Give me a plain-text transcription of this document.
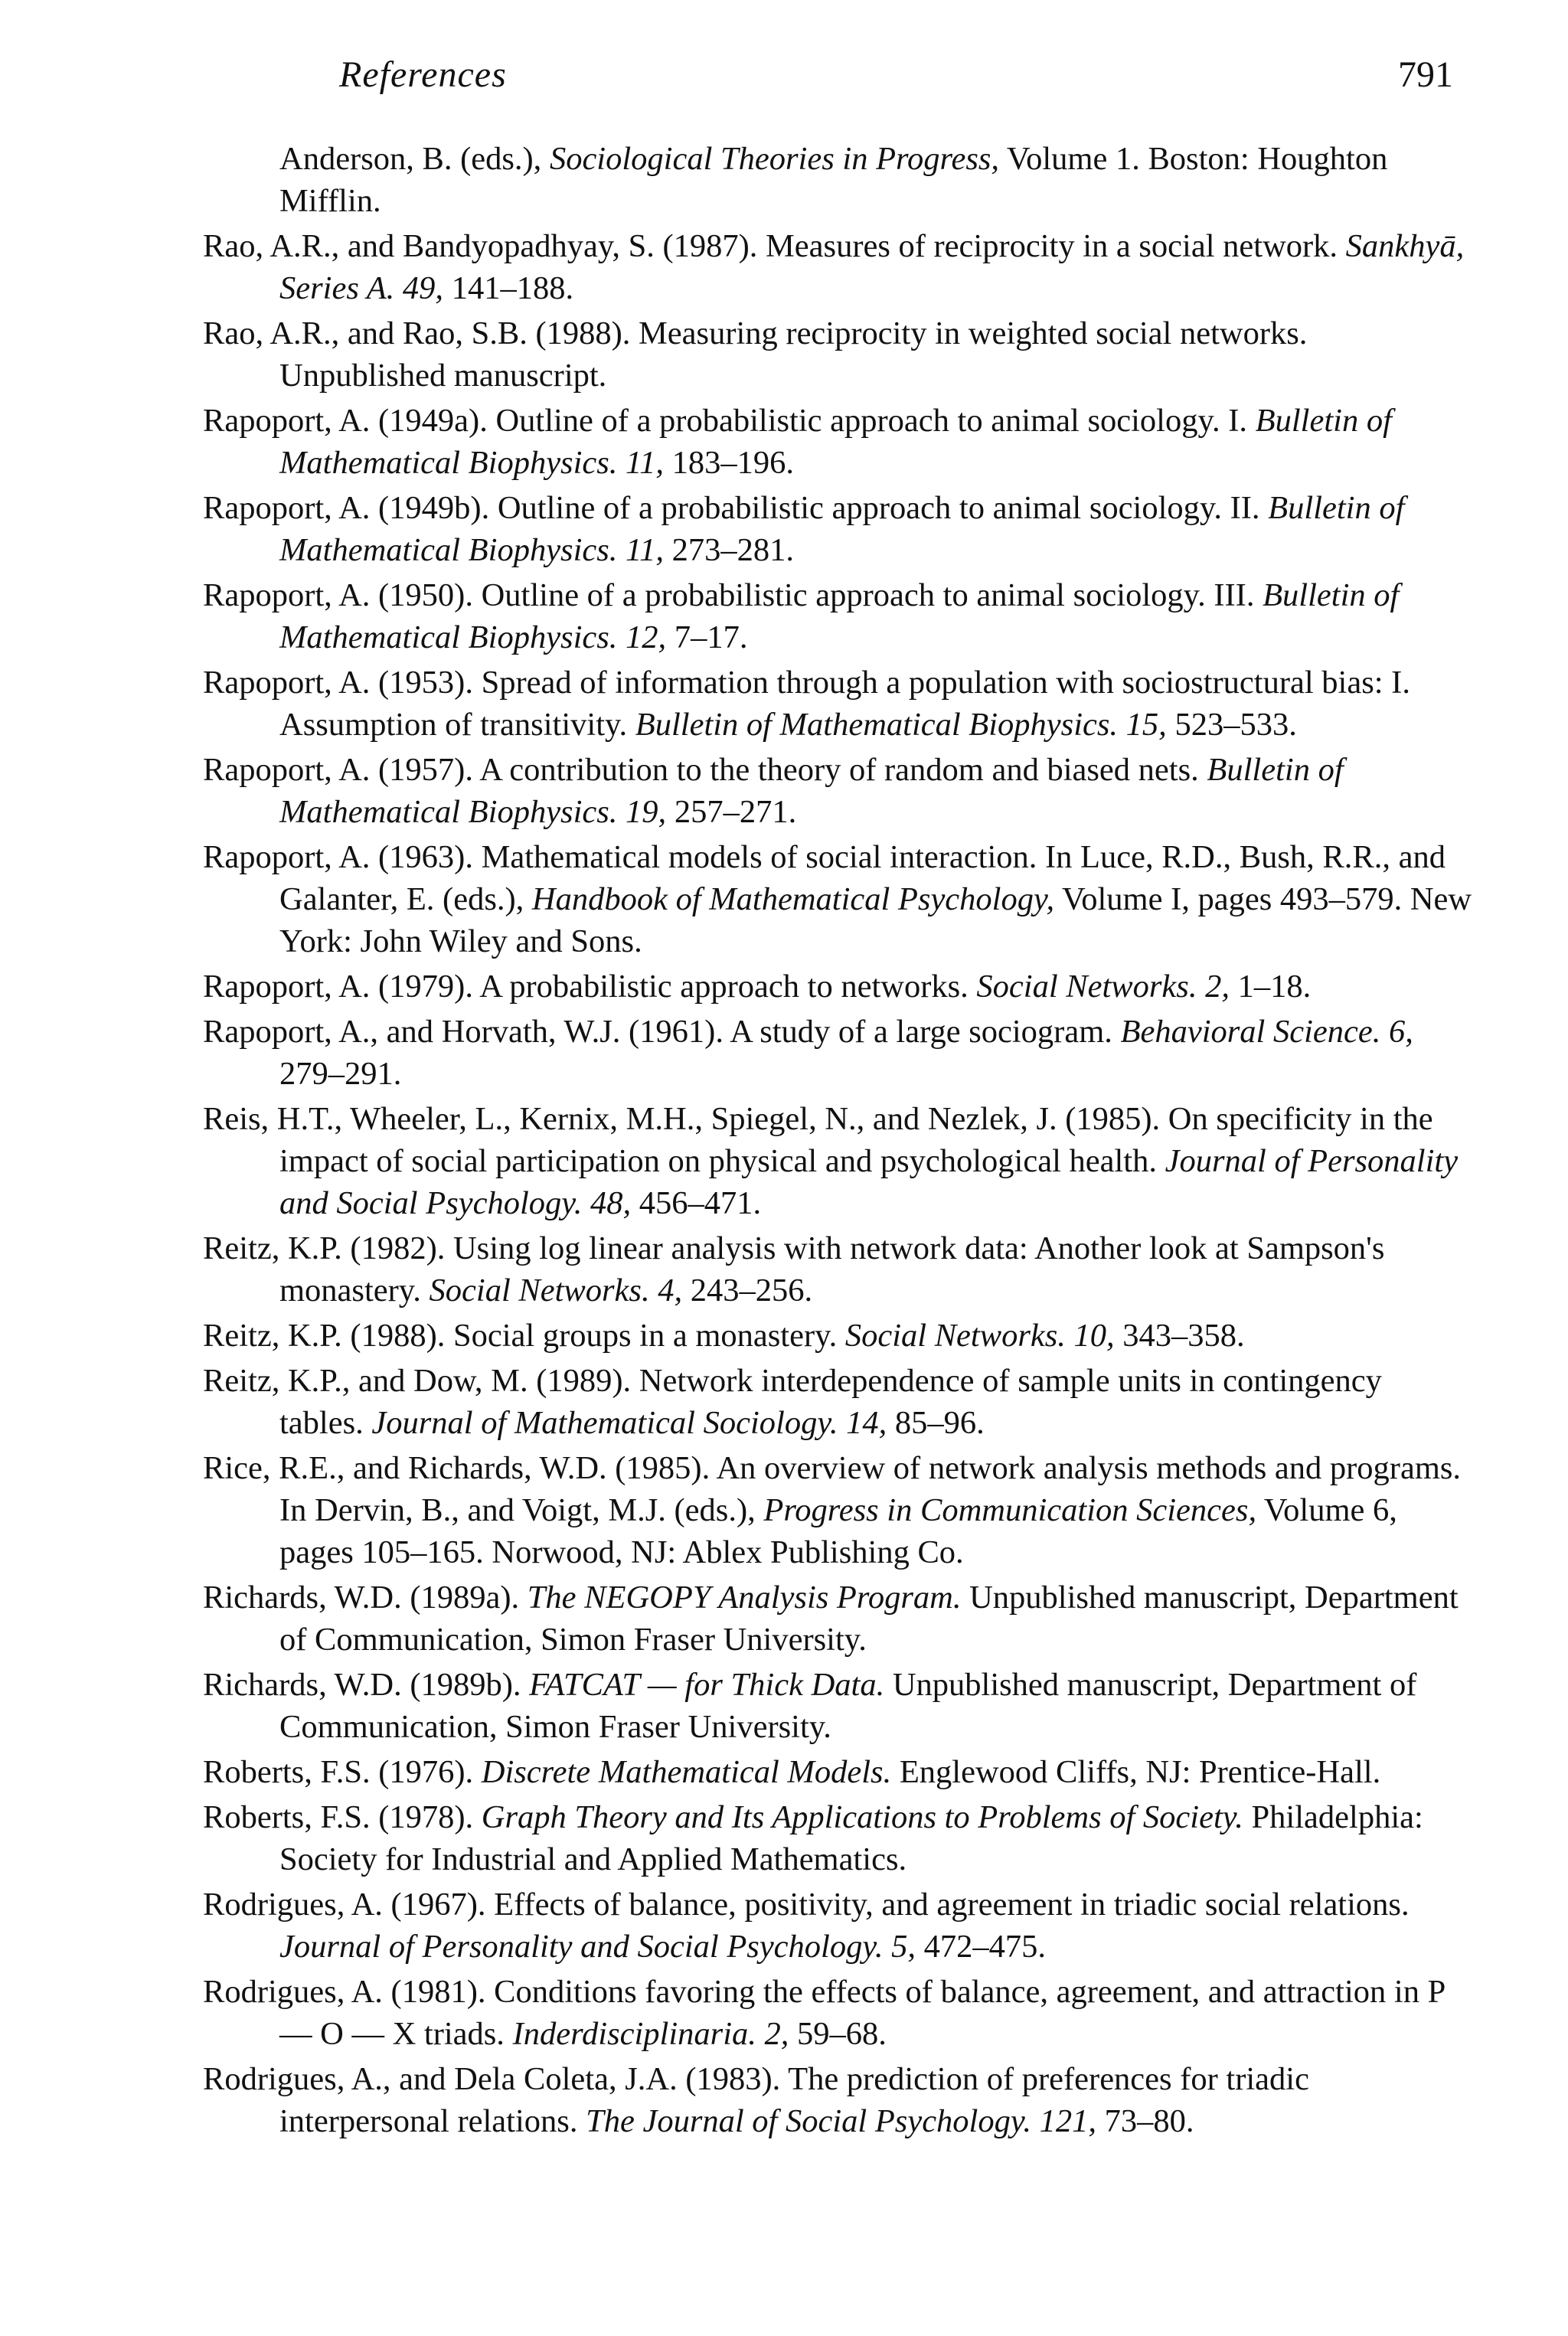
References	791

Anderson, B. (eds.), Sociological Theories in Progress, Volume 1. Boston: Houghton Mifflin.

Rao, A.R., and Bandyopadhyay, S. (1987). Measures of reciprocity in a social network. Sankhyā, Series A. 49, 141–188.

Rao, A.R., and Rao, S.B. (1988). Measuring reciprocity in weighted social networks. Unpublished manuscript.

Rapoport, A. (1949a). Outline of a probabilistic approach to animal sociology. I. Bulletin of Mathematical Biophysics. 11, 183–196.

Rapoport, A. (1949b). Outline of a probabilistic approach to animal sociology. II. Bulletin of Mathematical Biophysics. 11, 273–281.

Rapoport, A. (1950). Outline of a probabilistic approach to animal sociology. III. Bulletin of Mathematical Biophysics. 12, 7–17.

Rapoport, A. (1953). Spread of information through a population with sociostructural bias: I. Assumption of transitivity. Bulletin of Mathematical Biophysics. 15, 523–533.

Rapoport, A. (1957). A contribution to the theory of random and biased nets. Bulletin of Mathematical Biophysics. 19, 257–271.

Rapoport, A. (1963). Mathematical models of social interaction. In Luce, R.D., Bush, R.R., and Galanter, E. (eds.), Handbook of Mathematical Psychology, Volume I, pages 493–579. New York: John Wiley and Sons.

Rapoport, A. (1979). A probabilistic approach to networks. Social Networks. 2, 1–18.

Rapoport, A., and Horvath, W.J. (1961). A study of a large sociogram. Behavioral Science. 6, 279–291.

Reis, H.T., Wheeler, L., Kernix, M.H., Spiegel, N., and Nezlek, J. (1985). On specificity in the impact of social participation on physical and psychological health. Journal of Personality and Social Psychology. 48, 456–471.

Reitz, K.P. (1982). Using log linear analysis with network data: Another look at Sampson's monastery. Social Networks. 4, 243–256.

Reitz, K.P. (1988). Social groups in a monastery. Social Networks. 10, 343–358.

Reitz, K.P., and Dow, M. (1989). Network interdependence of sample units in contingency tables. Journal of Mathematical Sociology. 14, 85–96.

Rice, R.E., and Richards, W.D. (1985). An overview of network analysis methods and programs. In Dervin, B., and Voigt, M.J. (eds.), Progress in Communication Sciences, Volume 6, pages 105–165. Norwood, NJ: Ablex Publishing Co.

Richards, W.D. (1989a). The NEGOPY Analysis Program. Unpublished manuscript, Department of Communication, Simon Fraser University.

Richards, W.D. (1989b). FATCAT — for Thick Data. Unpublished manuscript, Department of Communication, Simon Fraser University.

Roberts, F.S. (1976). Discrete Mathematical Models. Englewood Cliffs, NJ: Prentice-Hall.

Roberts, F.S. (1978). Graph Theory and Its Applications to Problems of Society. Philadelphia: Society for Industrial and Applied Mathematics.

Rodrigues, A. (1967). Effects of balance, positivity, and agreement in triadic social relations. Journal of Personality and Social Psychology. 5, 472–475.

Rodrigues, A. (1981). Conditions favoring the effects of balance, agreement, and attraction in P — O — X triads. Inderdisciplinaria. 2, 59–68.

Rodrigues, A., and Dela Coleta, J.A. (1983). The prediction of preferences for triadic interpersonal relations. The Journal of Social Psychology. 121, 73–80.
